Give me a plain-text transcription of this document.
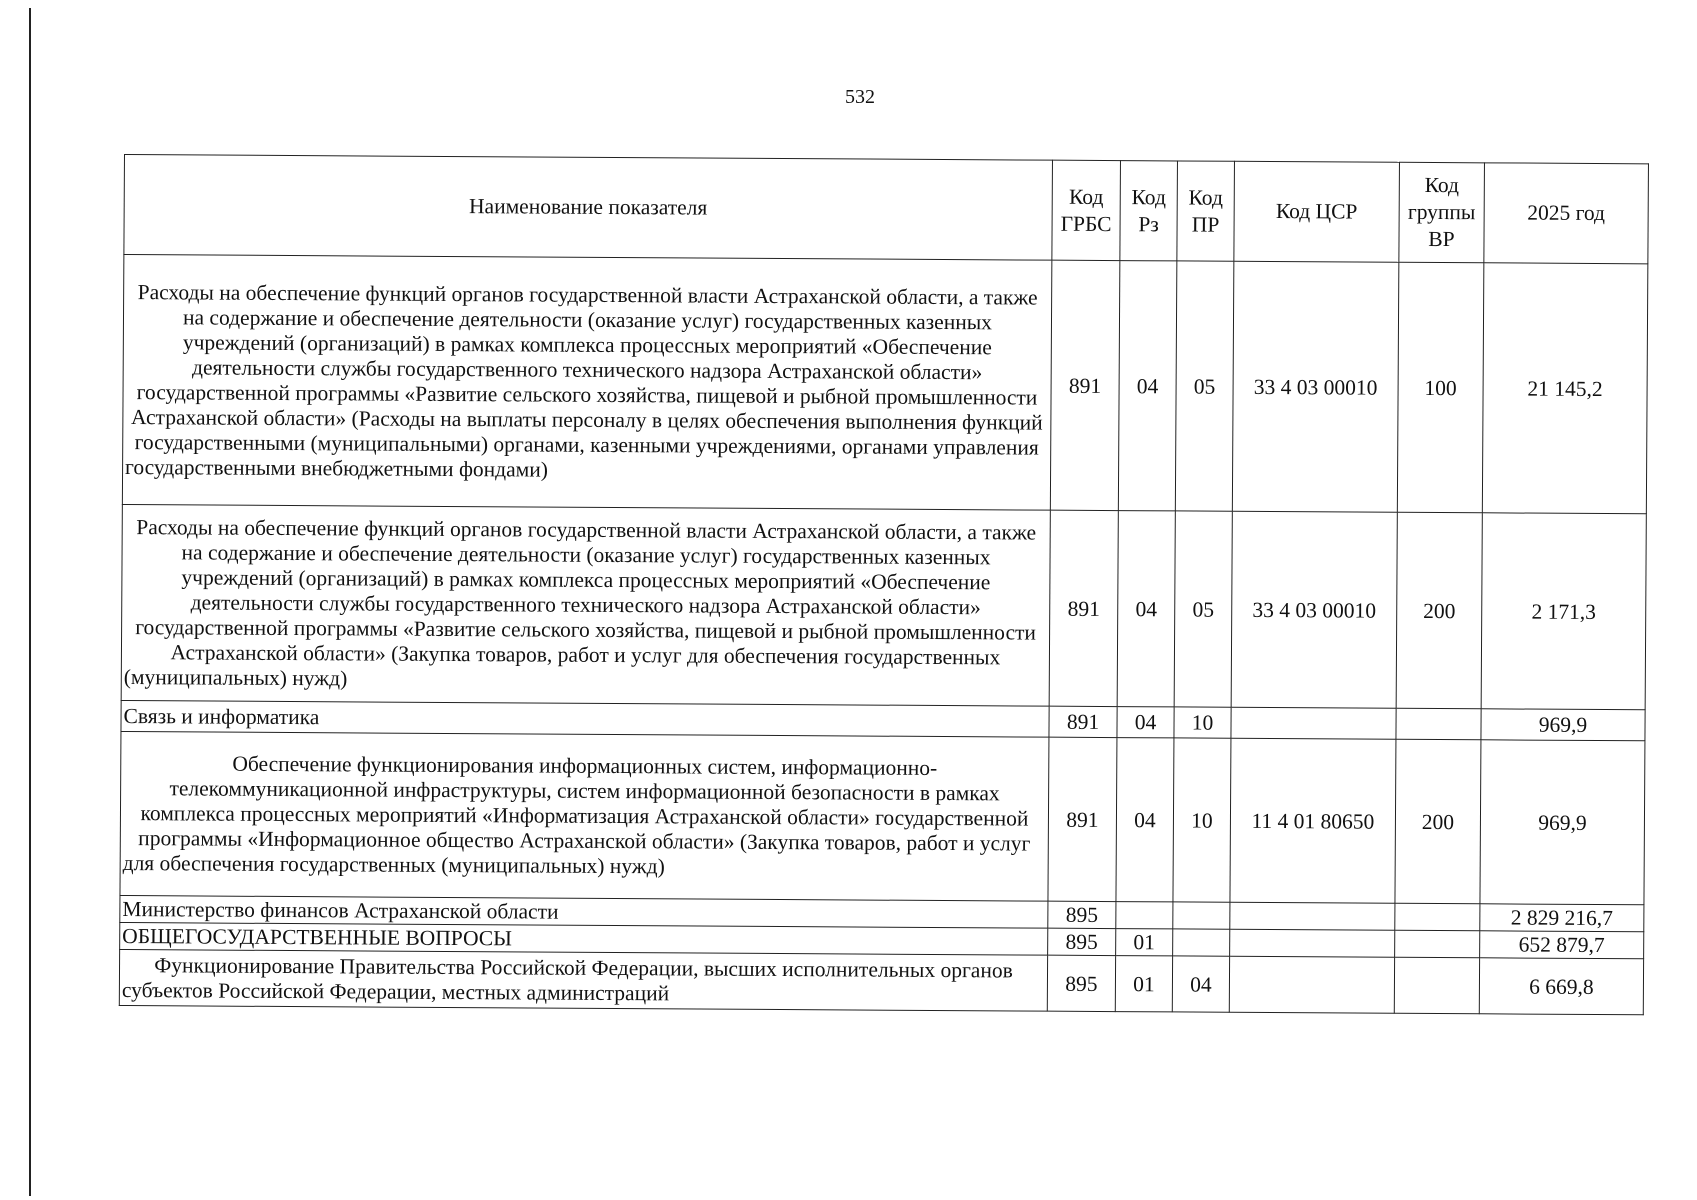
532
Наименование показателя	Код ГРБС	Код Рз	Код ПР	Код ЦСР	Код группы ВР	2025 год
Расходы на обеспечение функций органов государственной власти Астраханской области, а также на содержание и обеспечение деятельности (оказание услуг) государственных казенных учреждений (организаций) в рамках комплекса процессных мероприятий «Обеспечение деятельности службы государственного технического надзора Астраханской области» государственной программы «Развитие сельского хозяйства, пищевой и рыбной промышленности Астраханской области» (Расходы на выплаты персоналу в целях обеспечения выполнения функций государственными (муниципальными) органами, казенными учреждениями, органами управления государственными внебюджетными фондами)	891	04	05	33 4 03 00010	100	21 145,2
Расходы на обеспечение функций органов государственной власти Астраханской области, а также на содержание и обеспечение деятельности (оказание услуг) государственных казенных учреждений (организаций) в рамках комплекса процессных мероприятий «Обеспечение деятельности службы государственного технического надзора Астраханской области» государственной программы «Развитие сельского хозяйства, пищевой и рыбной промышленности Астраханской области» (Закупка товаров, работ и услуг для обеспечения государственных (муниципальных) нужд)	891	04	05	33 4 03 00010	200	2 171,3
Связь и информатика	891	04	10			969,9
Обеспечение функционирования информационных систем, информационно-телекоммуникационной инфраструктуры, систем информационной безопасности в рамках комплекса процессных мероприятий «Информатизация Астраханской области» государственной программы «Информационное общество Астраханской области» (Закупка товаров, работ и услуг для обеспечения государственных (муниципальных) нужд)	891	04	10	11 4 01 80650	200	969,9
Министерство финансов Астраханской области	895					2 829 216,7
ОБЩЕГОСУДАРСТВЕННЫЕ ВОПРОСЫ	895	01				652 879,7
Функционирование Правительства Российской Федерации, высших исполнительных органов субъектов Российской Федерации, местных администраций	895	01	04			6 669,8
